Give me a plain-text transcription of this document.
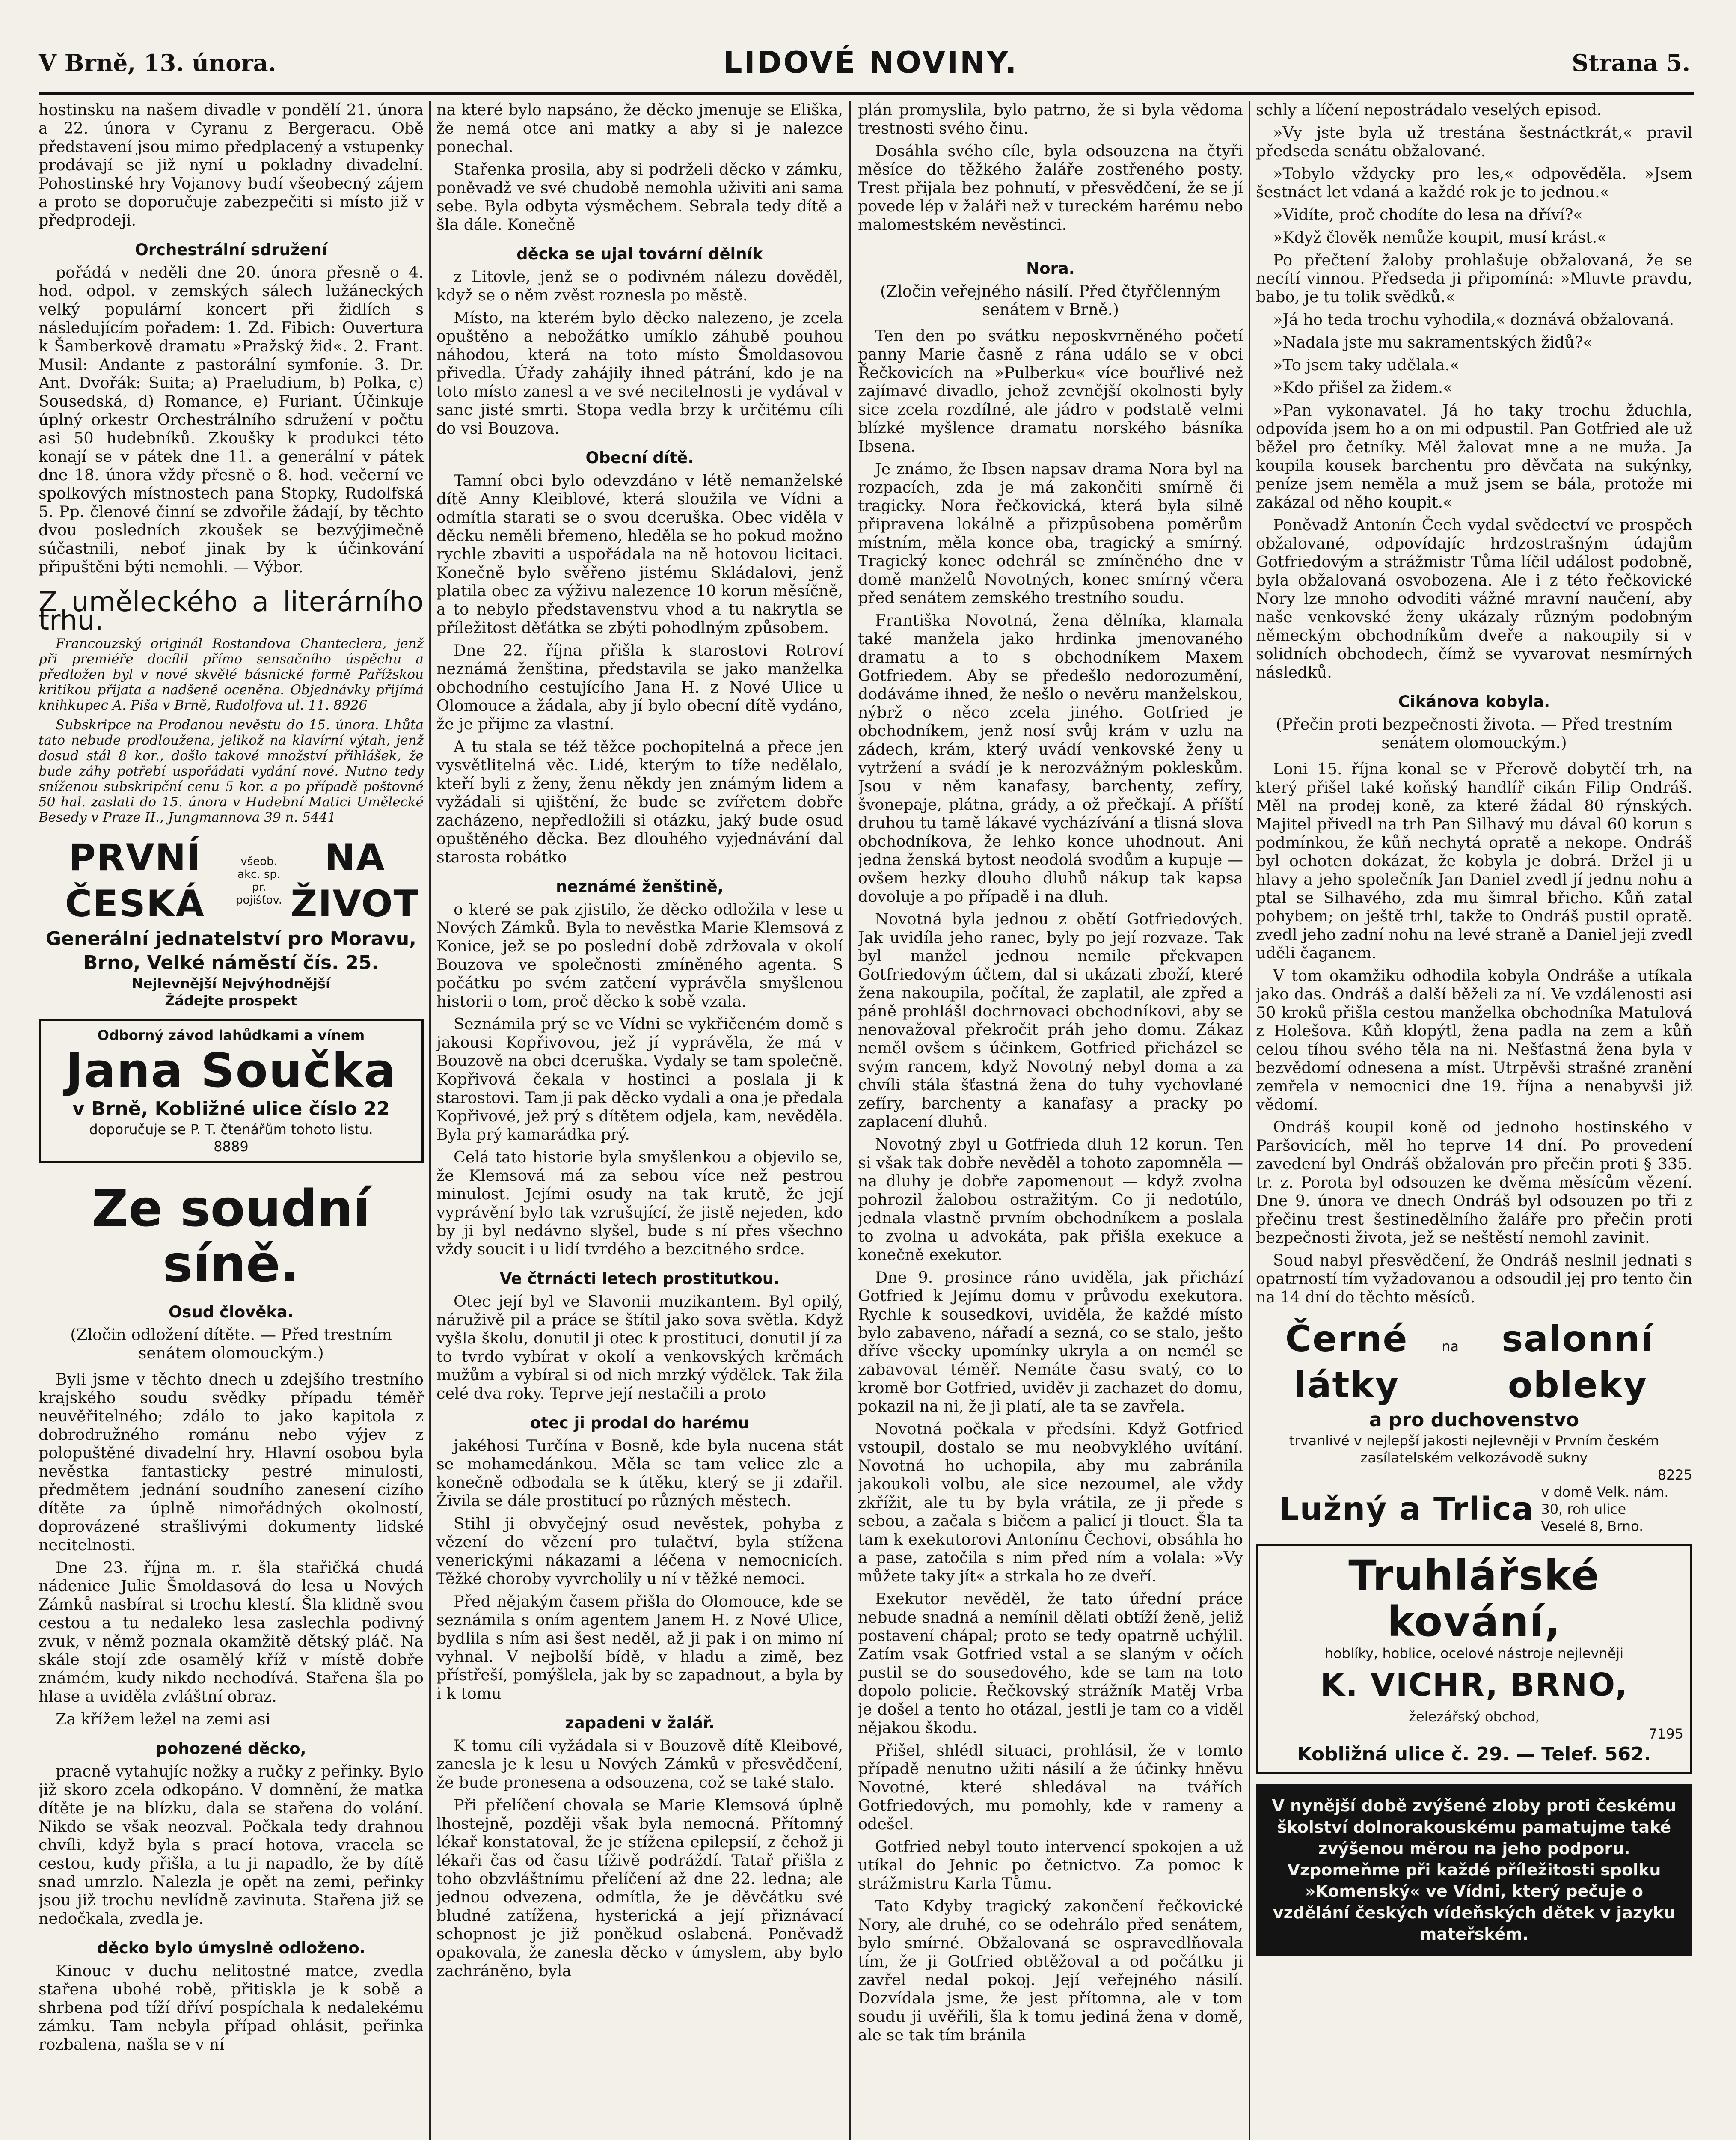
V Brně, 13. února.	LIDOVÉ NOVINY.	Strana 5.

hostinsku na našem divadle v pondělí 21. února a 22. února v Cyranu z Bergeracu. Obě představení jsou mimo předplacený a vstupenky prodávají se již nyní u pokladny divadelní. Pohostinské hry Vojanovy budí všeobecný zájem a proto se doporučuje zabezpečiti si místo již v předprodeji.

Orchestrální sdružení

pořádá v neděli dne 20. února přesně o 4. hod. odpol. v zemských sálech lužáneckých velký populární koncert při židlích s následujícím pořadem: 1. Zd. Fibich: Ouvertura k Šamberkově dramatu »Pražský žid«. 2. Frant. Musil: Andante z pastorální symfonie. 3. Dr. Ant. Dvořák: Suita; a) Praeludium, b) Polka, c) Sousedská, d) Romance, e) Furiant. Účinkuje úplný orkestr Orchestrálního sdružení v počtu asi 50 hudebníků. Zkoušky k produkci této konají se v pátek dne 11. a generální v pátek dne 18. února vždy přesně o 8. hod. večerní ve spolkových místnostech pana Stopky, Rudolfská 5. Pp. členové činní se zdvořile žádají, by těchto dvou posledních zkoušek se bezvýjimečně súčastnili, neboť jinak by k účinkování připuštěni býti nemohli. — Výbor.

Z uměleckého a literárního trhu.

Francouzský originál Rostandova Chanteclera, jenž při premiéře docílil přímo sensačního úspěchu a předložen byl v nové skvělé básnické formě Pařížskou kritikou přijata a nadšeně oceněna. Objednávky přijímá knihkupec A. Piša v Brně, Rudolfova ul. 11. 8926

Subskripce na Prodanou nevěstu do 15. února. Lhůta tato nebude prodloužena, jelikož na klavírní výtah, jenž dosud stál 8 kor., došlo takové množství přihlášek, že bude záhy potřebí uspořádati vydání nové. Nutno tedy sníženou subskripční cenu 5 kor. a po případě poštovné 50 hal. zaslati do 15. února v Hudební Matici Umělecké Besedy v Praze II., Jungmannova 39 n. 5441

PRVNÍ ČESKÁ
všeob. akc. sp. pr. pojišťov.
NA ŽIVOT
Generální jednatelství pro Moravu,
Brno, Velké náměstí čís. 25.
Nejlevnější Nejvýhodnější
Žádejte prospekt
Odborný závod lahůdkami a vínem
Jana Součka
v Brně, Kobližné ulice číslo 22
doporučuje se P. T. čtenářům tohoto listu.
8889
Ze soudní síně.
Osud člověka.
(Zločin odložení dítěte. — Před trestním senátem olomouckým.)

Byli jsme v těchto dnech u zdejšího trestního krajského soudu svědky případu téměř neuvěřitelného; zdálo to jako kapitola z dobrodružného románu nebo výjev z polopuštěné divadelní hry. Hlavní osobou byla nevěstka fantasticky pestré minulosti, předmětem jednání soudního zanesení cizího dítěte za úplně nimořádných okolností, doprovázené strašlivými dokumenty lidské necitelnosti.

Dne 23. října m. r. šla stařičká chudá nádenice Julie Šmoldasová do lesa u Nových Zámků nasbírat si trochu klestí. Šla klidně svou cestou a tu nedaleko lesa zaslechla podivný zvuk, v němž poznala okamžitě dětský pláč. Na skále stojí zde osamělý kříž v místě dobře známém, kudy nikdo nechodívá. Stařena šla po hlase a uviděla zvláštní obraz.

Za křížem ležel na zemi asi

pohozené děcko,

pracně vytahujíc nožky a ručky z peřinky. Bylo již skoro zcela odkopáno. V domnění, že matka dítěte je na blízku, dala se stařena do volání. Nikdo se však neozval. Počkala tedy drahnou chvíli, když byla s prací hotova, vracela se cestou, kudy přišla, a tu ji napadlo, že by dítě snad umrzlo. Nalezla je opět na zemi, peřinky jsou již trochu nevlídně zavinuta. Stařena již se nedočkala, zvedla je.

děcko bylo úmyslně odloženo.

Kinouc v duchu nelitostné matce, zvedla stařena ubohé robě, přitiskla je k sobě a shrbena pod tíží dříví pospíchala k nedalekému zámku. Tam nebyla případ ohlásit, peřinka rozbalena, našla se v ní

na které bylo napsáno, že děcko jmenuje se Eliška, že nemá otce ani matky a aby si je nalezce ponechal.

Stařenka prosila, aby si podrželi děcko v zámku, poněvadž ve své chudobě nemohla uživiti ani sama sebe. Byla odbyta výsměchem. Sebrala tedy dítě a šla dále. Konečně

děcka se ujal tovární dělník

z Litovle, jenž se o podivném nálezu dověděl, když se o něm zvěst roznesla po městě.

Místo, na kterém bylo děcko nalezeno, je zcela opuštěno a nebožátko umíklo záhubě pouhou náhodou, která na toto místo Šmoldasovou přivedla. Úřady zahájily ihned pátrání, kdo je na toto místo zanesl a ve své necitelnosti je vydával v sanc jisté smrti. Stopa vedla brzy k určitému cíli do vsi Bouzova.

Obecní dítě.

Tamní obci bylo odevzdáno v létě nemanželské dítě Anny Kleiblové, která sloužila ve Vídni a odmítla starati se o svou dceruška. Obec viděla v děcku neměli břemeno, hleděla se ho pokud možno rychle zbaviti a uspořádala na ně hotovou licitaci. Konečně bylo svěřeno jistému Skládalovi, jenž platila obec za výživu nalezence 10 korun měsíčně, a to nebylo představenstvu vhod a tu nakrytla se příležitost děťátka se zbýti pohodlným způsobem.

Dne 22. října přišla k starostovi Rotroví neznámá ženština, představila se jako manželka obchodního cestujícího Jana H. z Nové Ulice u Olomouce a žádala, aby jí bylo obecní dítě vydáno, že je přijme za vlastní.

A tu stala se též těžce pochopitelná a přece jen vysvětlitelná věc. Lidé, kterým to tíže nedělalo, kteří byli z ženy, ženu někdy jen známým lidem a vyžádali si ujištění, že bude se zvířetem dobře zacházeno, nepředložili si otázku, jaký bude osud opuštěného děcka. Bez dlouhého vyjednávání dal starosta robátko

neznámé ženštině,

o které se pak zjistilo, že děcko odložila v lese u Nových Zámků. Byla to nevěstka Marie Klemsová z Konice, jež se po poslední době zdržovala v okolí Bouzova ve společnosti zmíněného agenta. S počátku po svém zatčení vyprávěla smyšlenou historii o tom, proč děcko k sobě vzala.

Seznámila prý se ve Vídni se vykřičeném domě s jakousi Kopřivovou, jež jí vyprávěla, že má v Bouzově na obci dceruška. Vydaly se tam společně. Kopřivová čekala v hostinci a poslala ji k starostovi. Tam ji pak děcko vydali a ona je předala Kopřivové, jež prý s dítětem odjela, kam, nevěděla. Byla prý kamarádka prý.

Celá tato historie byla smyšlenkou a objevilo se, že Klemsová má za sebou více než pestrou minulost. Jejími osudy na tak krutě, že její vyprávění bylo tak vzrušující, že jistě nejeden, kdo by ji byl nedávno slyšel, bude s ní přes všechno vždy soucit i u lidí tvrdého a bezcitného srdce.

Ve čtrnácti letech prostitutkou.

Otec její byl ve Slavonii muzikantem. Byl opilý, náruživě pil a práce se štítil jako sova světla. Když vyšla školu, donutil ji otec k prostituci, donutil jí za to tvrdo vybírat v okolí a venkovských krčmách mužům a vybíral si od nich mrzký výdělek. Tak žila celé dva roky. Teprve její nestačili a proto

otec ji prodal do harému

jakéhosi Turčína v Bosně, kde byla nucena stát se mohamedánkou. Měla se tam velice zle a konečně odbodala se k útěku, který se ji zdařil. Živila se dále prostitucí po různých městech.

Stihl ji obvyčejný osud nevěstek, pohyba z vězení do vězení pro tulačtví, byla stížena venerickými nákazami a léčena v nemocnicích. Těžké choroby vyvrcholily u ní v těžké nemoci.

Před nějakým časem přišla do Olomouce, kde se seznámila s oním agentem Janem H. z Nové Ulice, bydlila s ním asi šest neděl, až ji pak i on mimo ní vyhnal. V nejbolší bídě, v hladu a zimě, bez přístřeší, pomýšlela, jak by se zapadnout, a byla by i k tomu

zapadeni v žalář.

K tomu cíli vyžádala si v Bouzově dítě Kleibové, zanesla je k lesu u Nových Zámků v přesvědčení, že bude pronesena a odsouzena, což se také stalo.

Při přelíčení chovala se Marie Klemsová úplně lhostejně, později však byla nemocná. Přítomný lékař konstatoval, že je stížena epilepsií, z čehož ji lékaři čas od času tíživě podráždí. Tatař přišla z toho obzvláštnímu přelíčení až dne 22. ledna; ale jednou odvezena, odmítla, že je děvčátku své bludné zatížena, hysterická a její přiznávací schopnost je již poněkud oslabená. Poněvadž opakovala, že zanesla děcko v úmyslem, aby bylo zachráněno, byla

plán promyslila, bylo patrno, že si byla vědoma trestnosti svého činu.

Dosáhla svého cíle, byla odsouzena na čtyři měsíce do těžkého žaláře zostřeného posty. Trest přijala bez pohnutí, v přesvědčení, že se jí povede lép v žaláři než v tureckém harému nebo malomestském nevěstinci.

Nora.
(Zločin veřejného násilí. Před čtyřčlenným senátem v Brně.)

Ten den po svátku neposkvrněného početí panny Marie časně z rána událo se v obci Řečkovicích na »Pulberku« více bouřlivé než zajímavé divadlo, jehož zevnější okolnosti byly sice zcela rozdílné, ale jádro v podstatě velmi blízké myšlence dramatu norského básníka Ibsena.

Je známo, že Ibsen napsav drama Nora byl na rozpacích, zda je má zakončiti smírně či tragicky. Nora řečkovická, která byla silně připravena lokálně a přizpůsobena poměrům místním, měla konce oba, tragický a smírný. Tragický konec odehrál se zmíněného dne v domě manželů Novotných, konec smírný včera před senátem zemského trestního soudu.

Františka Novotná, žena dělníka, klamala také manžela jako hrdinka jmenovaného dramatu a to s obchodníkem Maxem Gotfriedem. Aby se předešlo nedorozumění, dodáváme ihned, že nešlo o nevěru manželskou, nýbrž o něco zcela jiného. Gotfried je obchodníkem, jenž nosí svůj krám v uzlu na zádech, krám, který uvádí venkovské ženy u vytržení a svádí je k nerozvážným pokleskům. Jsou v něm kanafasy, barchenty, zefíry, švonepaje, plátna, grády, a ož přečkají. A příští druhou tu tamě lákavé vycházívání a tlisná slova obchodníkova, že lehko konce uhodnout. Ani jedna ženská bytost neodolá svodům a kupuje — ovšem hezky dlouho dluhů nákup tak kapsa dovoluje a po případě i na dluh.

Novotná byla jednou z obětí Gotfriedových. Jak uvidíla jeho ranec, byly po její rozvaze. Tak byl manžel jednou nemile překvapen Gotfriedovým účtem, dal si ukázati zboží, které žena nakoupila, počítal, že zaplatil, ale zpřed a páně prohlášl dochrnovaci obchodníkovi, aby se nenovažoval překročit práh jeho domu. Zákaz neměl ovšem s účinkem, Gotfried přicházel se svým rancem, když Novotný nebyl doma a za chvíli stála šťastná žena do tuhy vychovlané zefíry, barchenty a kanafasy a pracky po zaplacení dluhů.

Novotný zbyl u Gotfrieda dluh 12 korun. Ten si však tak dobře nevěděl a tohoto zapomněla — na dluhy je dobře zapomenout — když zvolna pohrozil žalobou ostražitým. Co ji nedotúlo, jednala vlastně prvním obchodníkem a poslala to zvolna u advokáta, pak přišla exekuce a konečně exekutor.

Dne 9. prosince ráno uviděla, jak přichází Gotfried k Jejímu domu v průvodu exekutora. Rychle k sousedkovi, uviděla, že každé místo bylo zabaveno, nářadí a sezná, co se stalo, ješto dříve všecky upomínky ukryla a on nemél se zabavovat téměř. Nemáte času svatý, co to kromě bor Gotfried, uviděv ji zachazet do domu, pokazil na ni, že ji platí, ale ta se zavřela.

Novotná počkala v předsíni. Když Gotfried vstoupil, dostalo se mu neobvyklého uvítání. Novotná ho uchopila, aby mu zabránila jakoukoli volbu, ale sice nezoumel, ale vždy zkřížit, ale tu by byla vrátila, ze ji přede s sebou, a začala s bičem a palicí ji tlouct. Šla ta tam k exekutorovi Antonínu Čechovi, obsáhla ho a pase, zatočila s nim před ním a volala: »Vy můžete taky jít« a strkala ho ze dveří.

Exekutor nevěděl, že tato úřední práce nebude snadná a nemínil dělati obtíží ženě, jeliž postavení chápal; proto se tedy opatrně uchýlil. Zatím vsak Gotfried vstal a se slaným v očích pustil se do sousedového, kde se tam na toto dopolo policie. Řečkovský strážník Matěj Vrba je došel a tento ho otázal, jestli je tam co a viděl nějakou škodu.

Přišel, shlédl situaci, prohlásil, že v tomto případě nenutno užiti násilí a že účinky hněvu Novotné, které shledával na tvářích Gotfriedových, mu pomohly, kde v rameny a odešel.

Gotfried nebyl touto intervencí spokojen a už utíkal do Jehnic po četnictvo. Za pomoc k strážmistru Karla Tůmu.

Tato Kdyby tragický zakončení řečkovické Nory, ale druhé, co se odehrálo před senátem, bylo smírné. Obžalovaná se ospravedlňovala tím, že ji Gotfried obtěžoval a od počátku ji zavřel nedal pokoj. Její veřejného násilí. Dozvídala jsme, že jest přítomna, ale v tom soudu ji uvěřili, šla k tomu jediná žena v domě, ale se tak tím bránila

schly a líčení nepostrádalo veselých episod.

»Vy jste byla už trestána šestnáctkrát,« pravil předseda senátu obžalované.

»Tobylo vždycky pro les,« odpověděla. »Jsem šestnáct let vdaná a každé rok je to jednou.«

»Vidíte, proč chodíte do lesa na dříví?«

»Když člověk nemůže koupit, musí krást.«

Po přečtení žaloby prohlašuje obžalovaná, že se necítí vinnou. Předseda ji připomíná: »Mluvte pravdu, babo, je tu tolik svědků.«

»Já ho teda trochu vyhodila,« doznává obžalovaná.

»Nadala jste mu sakramentských židů?«

»To jsem taky udělala.«

»Kdo přišel za židem.«

»Pan vykonavatel. Já ho taky trochu žduchla, odpovída jsem ho a on mi odpustil. Pan Gotfried ale už běžel pro četníky. Měl žalovat mne a ne muža. Ja koupila kousek barchentu pro děvčata na sukýnky, peníze jsem neměla a muž jsem se bála, protože mi zakázal od něho koupit.«

Poněvadž Antonín Čech vydal svědectví ve prospěch obžalované, odpovídajíc hrdzostrašným údajům Gotfriedovým a strážmistr Tůma líčil událost podobně, byla obžalovaná osvobozena. Ale i z této řečkovické Nory lze mnoho odvoditi vážné mravní naučení, aby naše venkovské ženy ukázaly různým podobným německým obchodníkům dveře a nakoupily si v solidních obchodech, čímž se vyvarovat nesmírných následků.

Cikánova kobyla.
(Přečin proti bezpečnosti života. — Před trestním senátem olomouckým.)

Loni 15. října konal se v Přerově dobytčí trh, na který přišel také koňský handlíř cikán Filip Ondráš. Měl na prodej koně, za které žádal 80 rýnských. Majitel přivedl na trh Pan Silhavý mu dával 60 korun s podmínkou, že kůň nechytá opratě a nekope. Ondráš byl ochoten dokázat, že kobyla je dobrá. Držel ji u hlavy a jeho společník Jan Daniel zvedl jí jednu nohu a ptal se Silhavého, zda mu šimral břicho. Kůň zatal pohybem; on ještě trhl, takže to Ondráš pustil opratě. zvedl jeho zadní nohu na levé straně a Daniel jeji zvedl uděli čaganem.

V tom okamžiku odhodila kobyla Ondráše a utíkala jako das. Ondráš a další běželi za ní. Ve vzdálenosti asi 50 kroků přišla cestou manželka obchodníka Matulová z Holešova. Kůň klopýtl, žena padla na zem a kůň celou tíhou svého těla na ni. Nešťastná žena byla v bezvědomí odnesena a míst. Utrpěvši strašné zranění zemřela v nemocnici dne 19. října a nenabyvši již vědomí.

Ondráš koupil koně od jednoho hostinského v Paršovicích, měl ho teprve 14 dní. Po provedení zavedení byl Ondráš obžalován pro přečin proti § 335. tr. z. Porota byl odsouzen ke dvěma měsícům vězení. Dne 9. února ve dnech Ondráš byl odsouzen po tři z přečinu trest šestinedělního žaláře pro přečin proti bezpečnosti života, jež se neštěstí nemohl zavinit.

Soud nabyl přesvědčení, že Ondráš neslnil jednati s opatrností tím vyžadovanou a odsoudil jej pro tento čin na 14 dní do těchto měsíců.

Černé látky
na	salonní obleky
a pro duchovenstvo
trvanlivé v nejlepší jakosti nejlevněji v Prvním českém zasílatelském velkozávodě sukny
8225
Lužný a Trlica v domě Velk. nám. 30, roh ulice Veselé 8, Brno.
Truhlářské kování,
hoblíky, hoblice, ocelové nástroje nejlevněji
K. VICHR, BRNO,
železářský obchod,
7195
Kobližná ulice č. 29. — Telef. 562.
V nynější době zvýšené zloby proti českému školství dolnorakouskému pamatujme také zvýšenou měrou na jeho podporu. Vzpomeňme při každé příležitosti spolku »Komenský« ve Vídni, který pečuje o vzdělání českých vídeňských dětek v jazyku mateřském.
